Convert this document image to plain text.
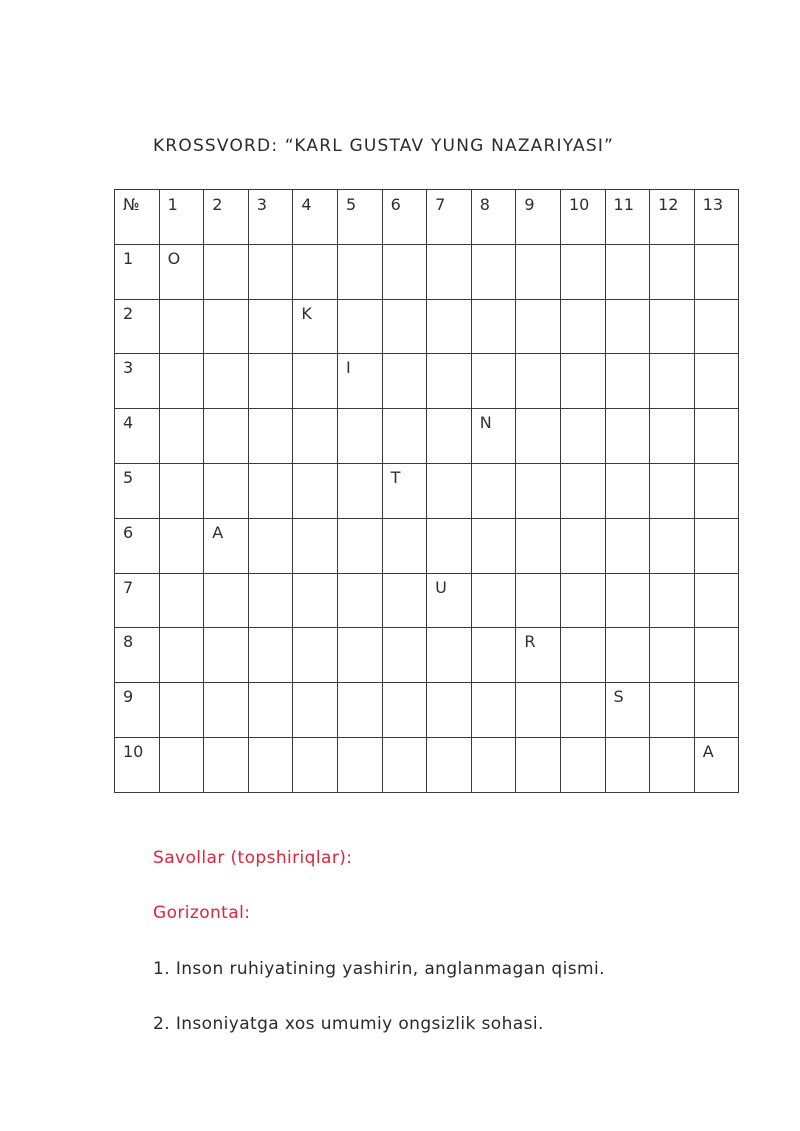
KROSSVORD: “KARL GUSTAV YUNG NAZARIYASI”
№	1	2	3	4	5	6	7	8	9	10	11	12	13

1	O												

2				K									

3					I								

4								N					

5						T							

6		A											

7							U						

8									R				

9											S		

10													A
Savollar (topshiriqlar):
Gorizontal:
1. Inson ruhiyatining yashirin, anglanmagan qismi.
2. Insoniyatga xos umumiy ongsizlik sohasi.
